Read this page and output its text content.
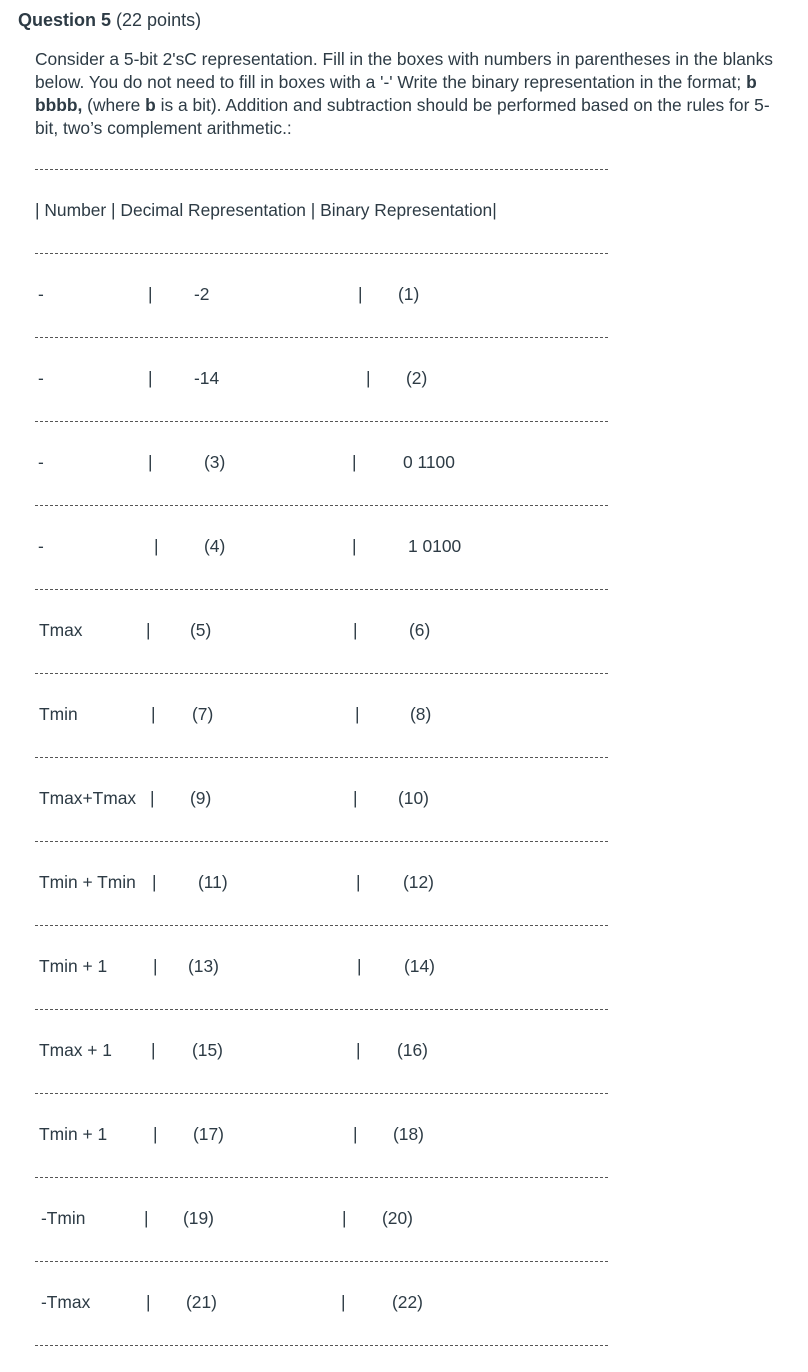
Question 5 (22 points)
Consider a 5-bit 2'sC representation. Fill in the boxes with numbers in parentheses in the blanks below. You do not need to fill in boxes with a '-' Write the binary representation in the format; b bbbb, (where b is a bit). Addition and subtraction should be performed based on the rules for 5-bit, two’s complement arithmetic.:
| Number | Decimal Representation | Binary Representation|
-	| -2	| (1)
-	| -14	| (2)
-	|	(3)	|	0 1100
-	|	(4)	|	1 0100
Tmax	| (5)	|	(6)
Tmin	| (7)	|	(8)
Tmax+Tmax | (9)	| (10)
Tmin + Tmin | (11)	| (12)
Tmin + 1	| (13)	| (14)
Tmax + 1 | (15)	| (16)
Tmin + 1	| (17)	| (18)
-Tmin	| (19)	| (20)
-Tmax	| (21)	|	(22)
